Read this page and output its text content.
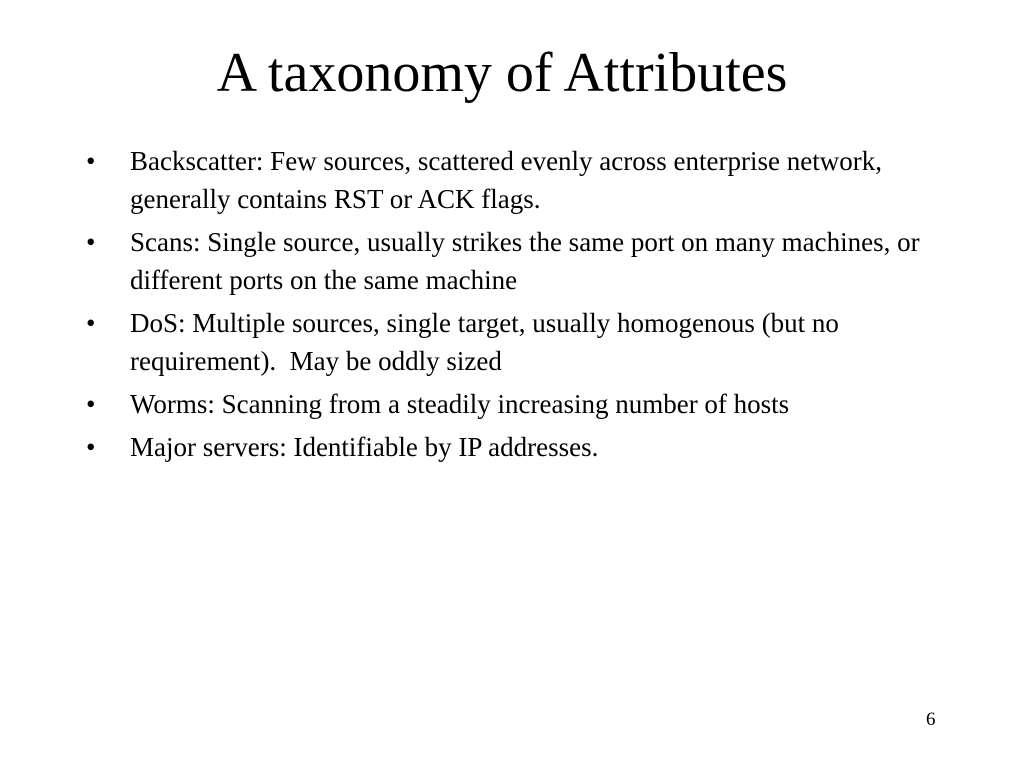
A taxonomy of Attributes
•	Backscatter: Few sources, scattered evenly across enterprise network, generally contains RST or ACK flags.
•	Scans: Single source, usually strikes the same port on many machines, or different ports on the same machine
•	DoS: Multiple sources, single target, usually homogenous (but no requirement).  May be oddly sized
•	Worms: Scanning from a steadily increasing number of hosts
•	Major servers: Identifiable by IP addresses.
6
